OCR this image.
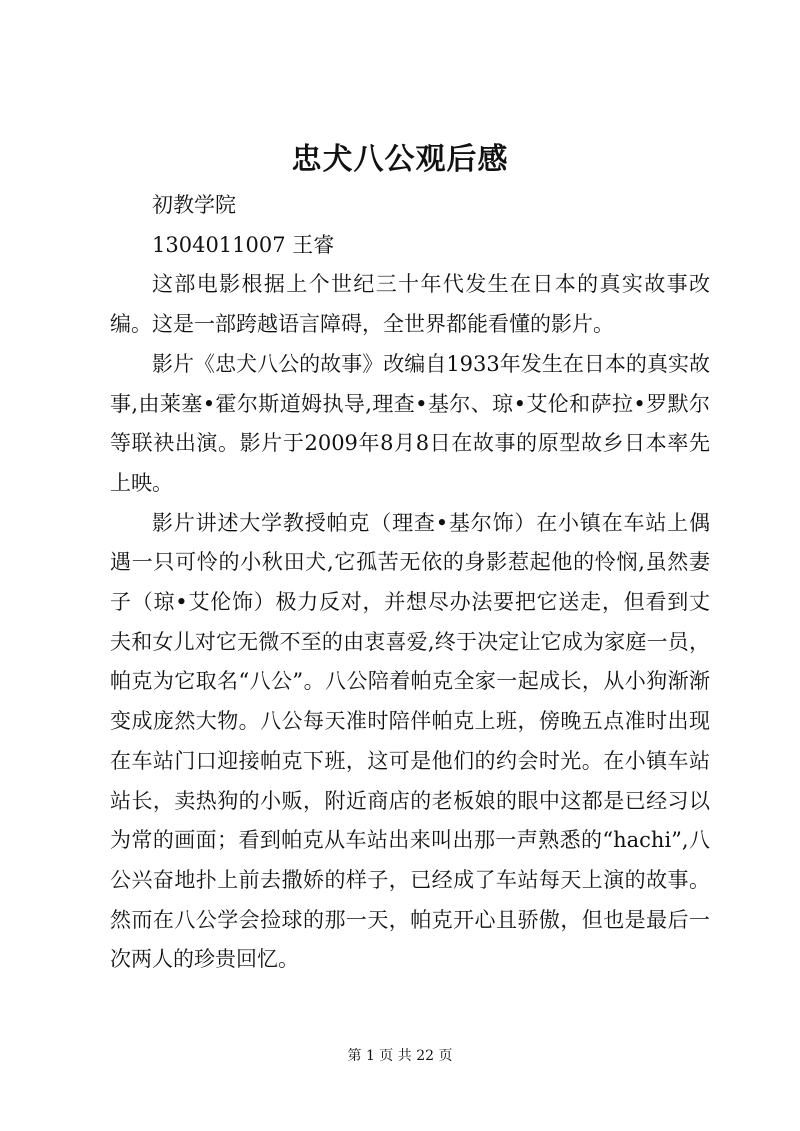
忠犬八公观后感

初教学院

1304011007 王睿

这部电影根据上个世纪三十年代发生在日本的真实故事改编。这是一部跨越语言障碍，全世界都能看懂的影片。

影片《忠犬八公的故事》改编自1933年发生在日本的真实故事,由莱塞•霍尔斯道姆执导,理查•基尔、琼•艾伦和萨拉•罗默尔等联袂出演。影片于2009年8月8日在故事的原型故乡日本率先上映。

影片讲述大学教授帕克（理查•基尔饰）在小镇在车站上偶遇一只可怜的小秋田犬,它孤苦无依的身影惹起他的怜悯,虽然妻子（琼•艾伦饰）极力反对，并想尽办法要把它送走，但看到丈夫和女儿对它无微不至的由衷喜爱,终于决定让它成为家庭一员，帕克为它取名“八公”。八公陪着帕克全家一起成长，从小狗渐渐变成庞然大物。八公每天准时陪伴帕克上班，傍晚五点准时出现在车站门口迎接帕克下班，这可是他们的约会时光。在小镇车站站长，卖热狗的小贩，附近商店的老板娘的眼中这都是已经习以为常的画面；看到帕克从车站出来叫出那一声熟悉的“hachi”,八公兴奋地扑上前去撒娇的样子，已经成了车站每天上演的故事。然而在八公学会捡球的那一天，帕克开心且骄傲，但也是最后一次两人的珍贵回忆。

第 1 页 共 22 页
